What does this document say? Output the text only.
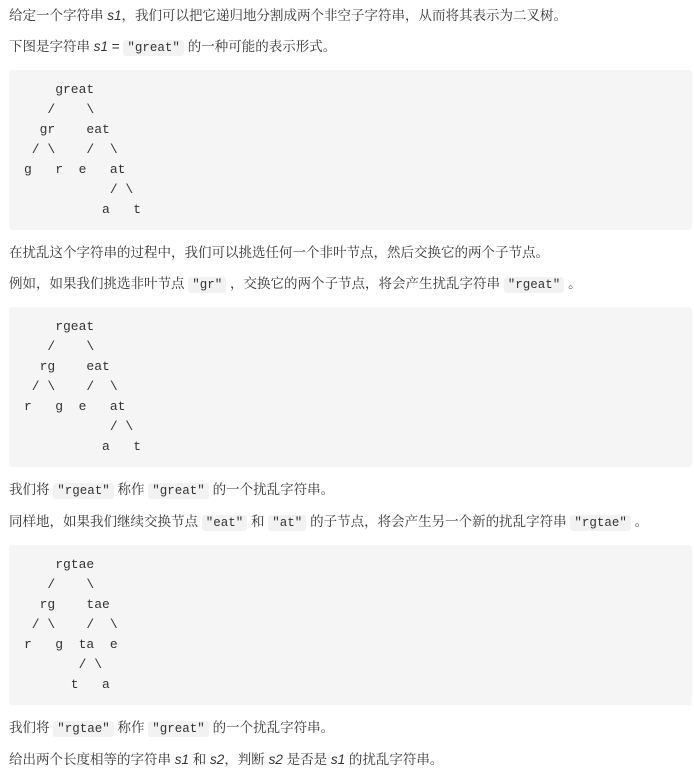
给定一个字符串 s1，我们可以把它递归地分割成两个非空子字符串，从而将其表示为二叉树。

下图是字符串 s1 = "great" 的一种可能的表示形式。

great
/    \
gr    eat
/ \    /  \
g   r  e   at
/ \
a   t

在扰乱这个字符串的过程中，我们可以挑选任何一个非叶节点，然后交换它的两个子节点。

例如，如果我们挑选非叶节点 "gr" ，交换它的两个子节点，将会产生扰乱字符串 "rgeat" 。

rgeat
/    \
rg    eat
/ \    /  \
r   g  e   at
/ \
a   t

我们将 "rgeat" 称作 "great" 的一个扰乱字符串。

同样地，如果我们继续交换节点 "eat" 和 "at" 的子节点，将会产生另一个新的扰乱字符串 "rgtae" 。

rgtae
/    \
rg    tae
/ \    /  \
r   g  ta  e
/ \
t   a

我们将 "rgtae" 称作 "great" 的一个扰乱字符串。

给出两个长度相等的字符串 s1 和 s2，判断 s2 是否是 s1 的扰乱字符串。
